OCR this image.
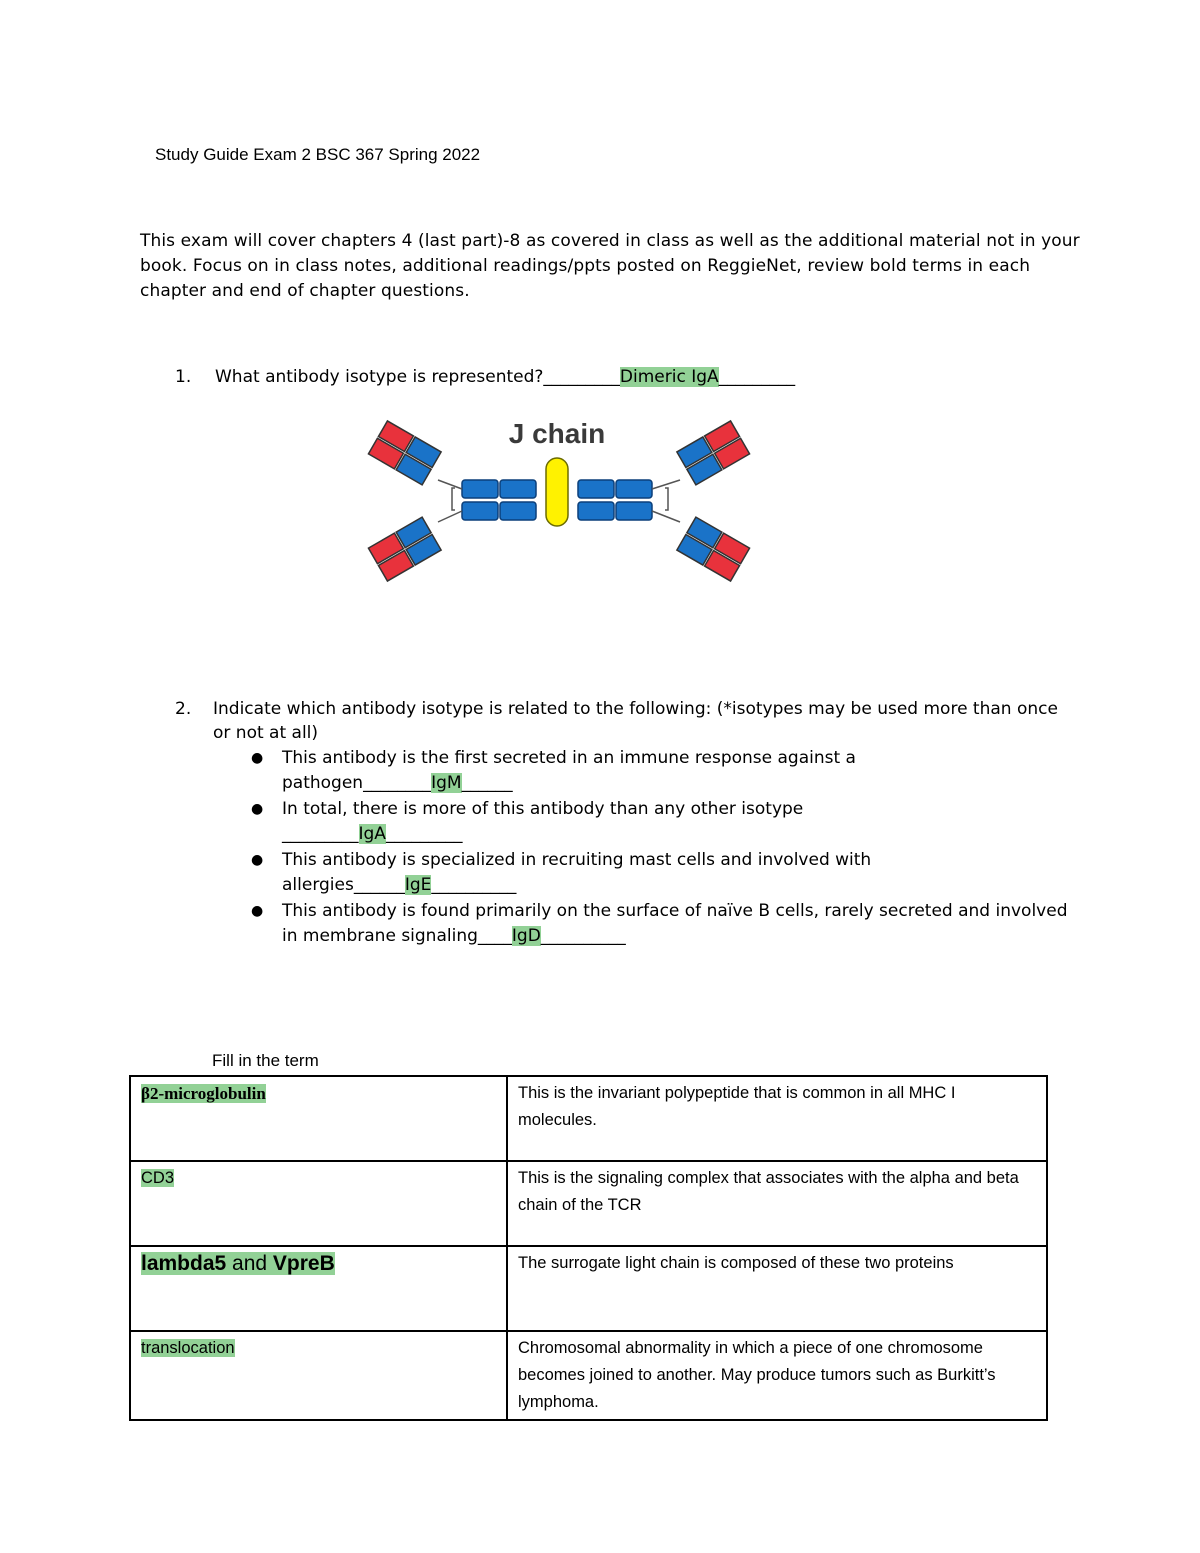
Study Guide Exam 2 BSC 367 Spring 2022
This exam will cover chapters 4 (last part)-8 as covered in class as well as the additional material not in your book. Focus on in class notes, additional readings/ppts posted on ReggieNet, review bold terms in each chapter and end of chapter questions.
1. What antibody isotype is represented?_________Dimeric IgA_________
J chain
2. Indicate which antibody isotype is related to the following: (*isotypes may be used more than once or not at all)
● This antibody is the first secreted in an immune response against a pathogen________IgM______
● In total, there is more of this antibody than any other isotype
_________IgA_________
● This antibody is specialized in recruiting mast cells and involved with allergies______IgE__________
● This antibody is found primarily on the surface of naïve B cells, rarely secreted and involved in membrane signaling____IgD__________
Fill in the term
β2-microglobulin	This is the invariant polypeptide that is common in all MHC I molecules.
CD3	This is the signaling complex that associates with the alpha and beta chain of the TCR
lambda5 and VpreB	The surrogate light chain is composed of these two proteins
translocation	Chromosomal abnormality in which a piece of one chromosome becomes joined to another. May produce tumors such as Burkitt’s lymphoma.
